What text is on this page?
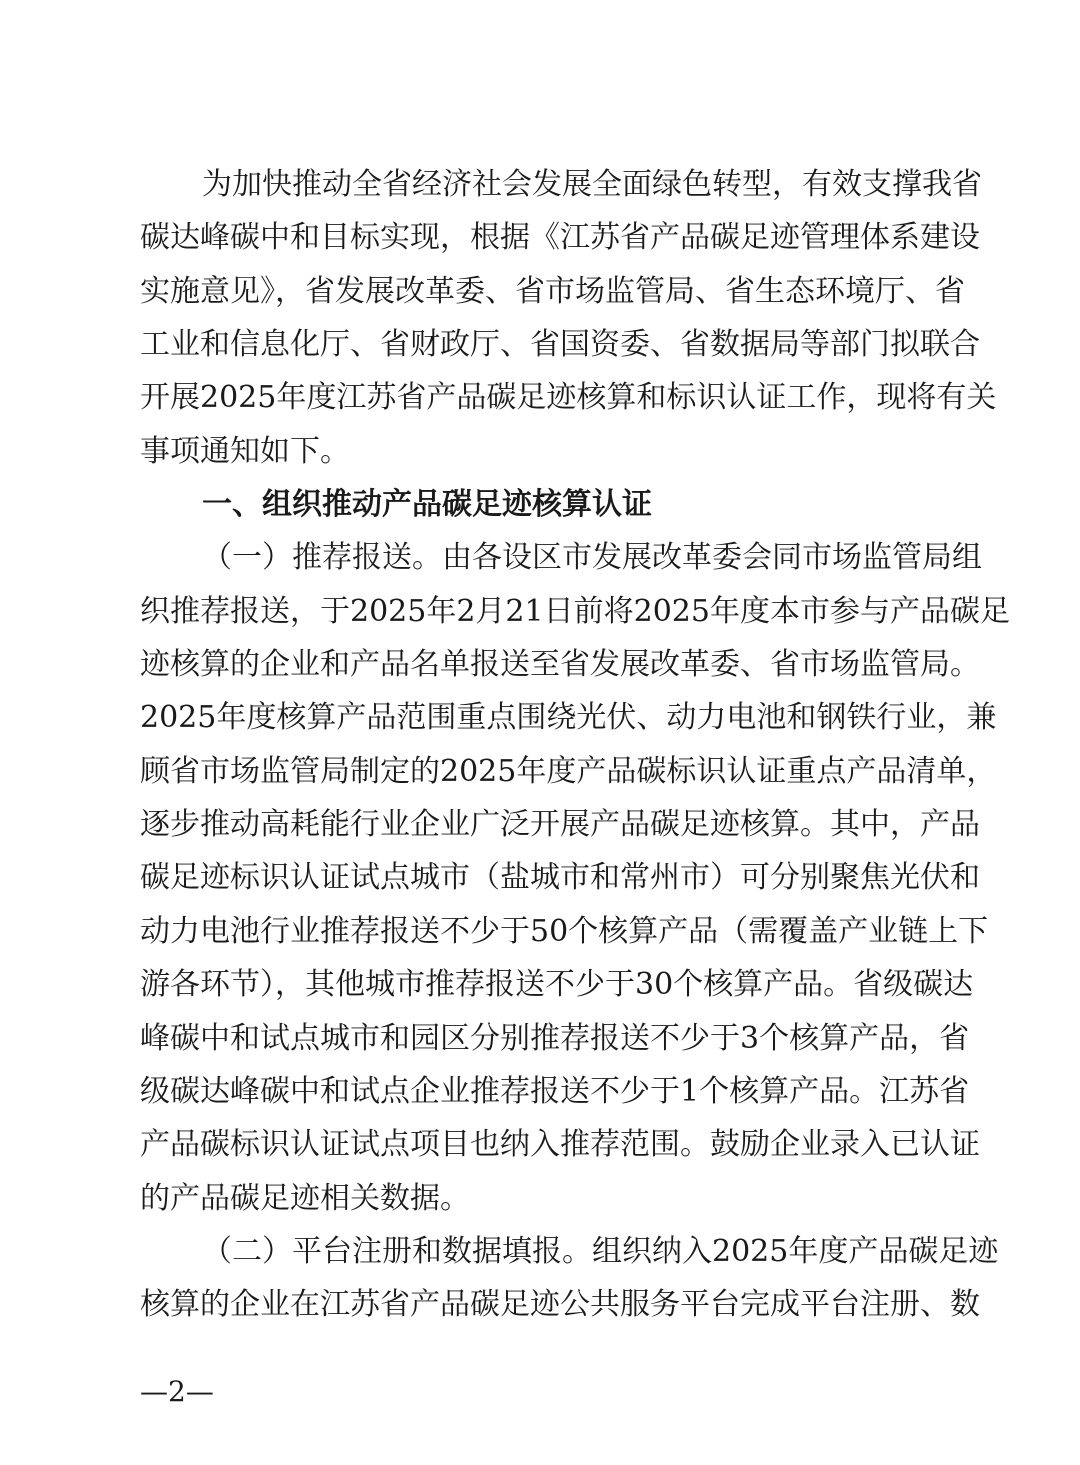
为加快推动全省经济社会发展全面绿色转型，有效支撑我省
碳达峰碳中和目标实现，根据《江苏省产品碳足迹管理体系建设
实施意见》，省发展改革委、省市场监管局、省生态环境厅、省
工业和信息化厅、省财政厅、省国资委、省数据局等部门拟联合
开展2025年度江苏省产品碳足迹核算和标识认证工作，现将有关
事项通知如下。
一、组织推动产品碳足迹核算认证
（一）推荐报送。由各设区市发展改革委会同市场监管局组
织推荐报送，于2025年2月21日前将2025年度本市参与产品碳足
迹核算的企业和产品名单报送至省发展改革委、省市场监管局。
2025年度核算产品范围重点围绕光伏、动力电池和钢铁行业，兼
顾省市场监管局制定的2025年度产品碳标识认证重点产品清单，
逐步推动高耗能行业企业广泛开展产品碳足迹核算。其中，产品
碳足迹标识认证试点城市（盐城市和常州市）可分别聚焦光伏和
动力电池行业推荐报送不少于50个核算产品（需覆盖产业链上下
游各环节），其他城市推荐报送不少于30个核算产品。省级碳达
峰碳中和试点城市和园区分别推荐报送不少于3个核算产品，省
级碳达峰碳中和试点企业推荐报送不少于1个核算产品。江苏省
产品碳标识认证试点项目也纳入推荐范围。鼓励企业录入已认证
的产品碳足迹相关数据。
（二）平台注册和数据填报。组织纳入2025年度产品碳足迹
核算的企业在江苏省产品碳足迹公共服务平台完成平台注册、数
—2—
